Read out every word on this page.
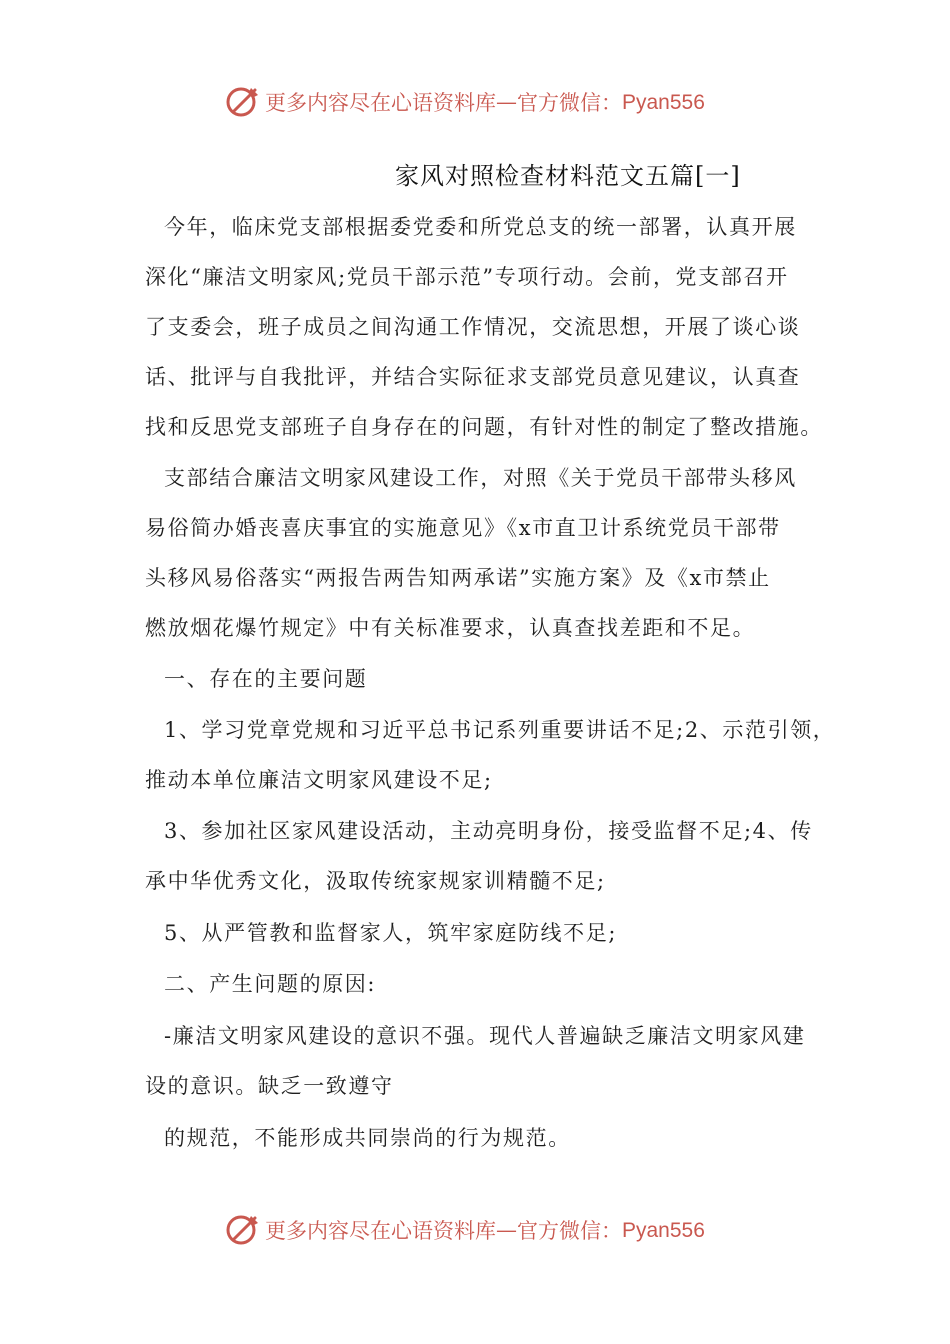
更多内容尽在心语资料库 — 官方微信： Pyan556
家风对照检查材料范文五篇[一]
今年，临床党支部根据委党委和所党总支的统一部署，认真开展
深化“廉洁文明家风;党员干部示范”专项行动。会前，党支部召开
了支委会，班子成员之间沟通工作情况，交流思想，开展了谈心谈
话、批评与自我批评，并结合实际征求支部党员意见建议，认真查
找和反思党支部班子自身存在的问题，有针对性的制定了整改措施。
支部结合廉洁文明家风建设工作，对照《关于党员干部带头移风
易俗简办婚丧喜庆事宜的实施意见》《x市直卫计系统党员干部带
头移风易俗落实“两报告两告知两承诺”实施方案》及《x市禁止
燃放烟花爆竹规定》中有关标准要求，认真查找差距和不足。
一、存在的主要问题
1、学习党章党规和习近平总书记系列重要讲话不足;2、示范引领，
推动本单位廉洁文明家风建设不足;
3、参加社区家风建设活动，主动亮明身份，接受监督不足;4、传
承中华优秀文化，汲取传统家规家训精髓不足;
5、从严管教和监督家人，筑牢家庭防线不足;
二、产生问题的原因:
-廉洁文明家风建设的意识不强。现代人普遍缺乏廉洁文明家风建
设的意识。缺乏一致遵守
的规范，不能形成共同崇尚的行为规范。
更多内容尽在心语资料库 — 官方微信： Pyan556
